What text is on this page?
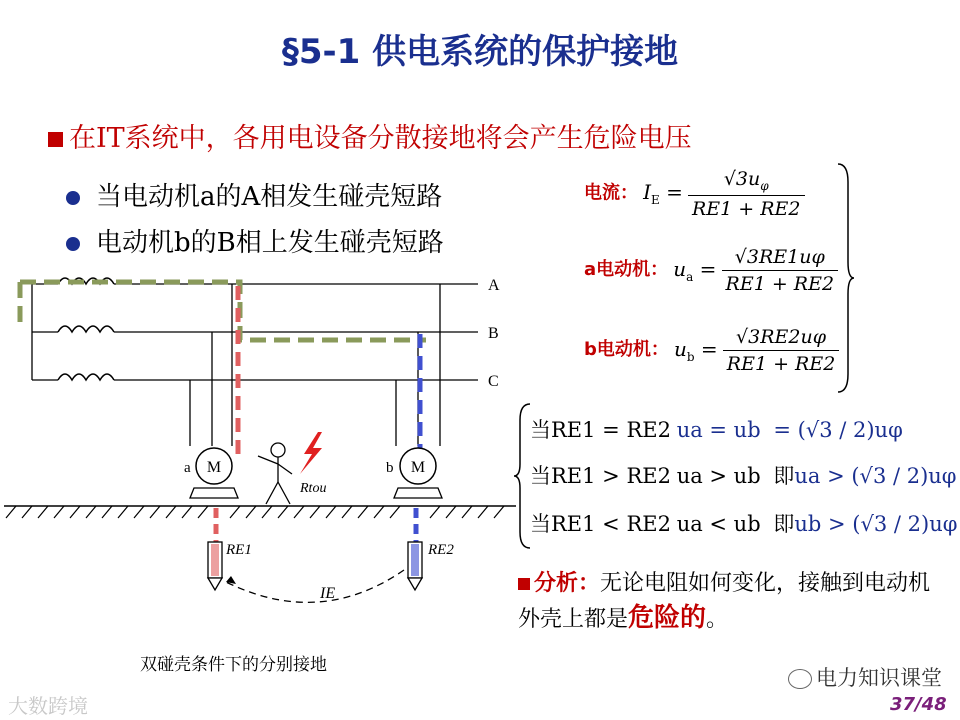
§5-1 供电系统的保护接地
在IT系统中，各用电设备分散接地将会产生危险电压
当电动机a的A相发生碰壳短路
电动机b的B相上发生碰壳短路
电流： $I_E = \frac{√3u_\varphi}{RE1 + RE2}$
a电动机： $u_a = \frac{√3RE1u\varphi}{RE1 + RE2}$
b电动机： $u_b = \frac{√3RE2u\varphi}{RE1 + RE2}$
当RE1 = RE2 ua = ub = (√3 / 2)uφ
当RE1 > RE2 ua > ub 即ua > (√3 / 2)uφ
当RE1 < RE2 ua < ub 即ub > (√3 / 2)uφ
M	M
a	b
Rtou
RE1	RE2
IE
A
B
C
分析：无论电阻如何变化，接触到电动机外壳上都是危险的。
双碰壳条件下的分别接地
大数跨境
电力知识课堂
37/48
